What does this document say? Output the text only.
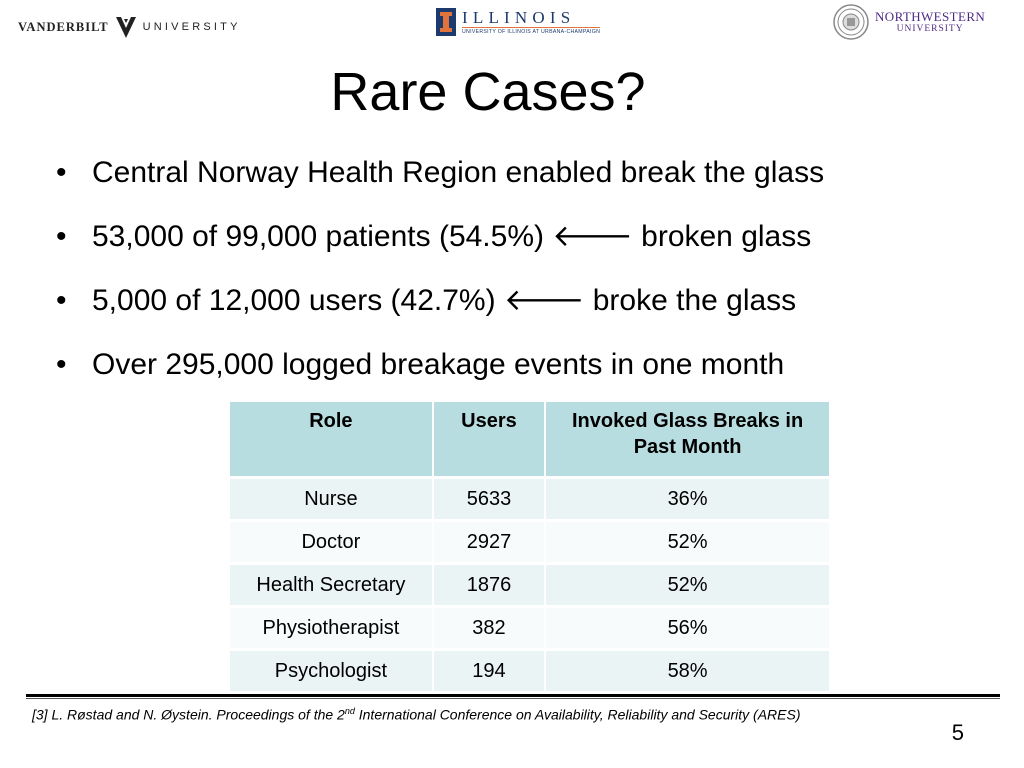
VANDERBILT	UNIVERSITY
ILLINOIS
UNIVERSITY OF ILLINOIS AT URBANA-CHAMPAIGN
NORTHWESTERN
UNIVERSITY
Rare Cases?
• Central Norway Health Region enabled break the glass
• 53,000 of 99,000 patients (54.5%) 🡐 broken glass
• 5,000 of 12,000 users (42.7%) 🡐 broke the glass
• Over 295,000 logged breakage events in one month
Role	Users	Invoked Glass Breaks in Past Month
Nurse	5633	36%
Doctor	2927	52%
Health Secretary	1876	52%
Physiotherapist	382	56%
Psychologist	194	58%
[3] L. Røstad and N. Øystein. Proceedings of the 2nd International Conference on Availability, Reliability and Security (ARES)
5
